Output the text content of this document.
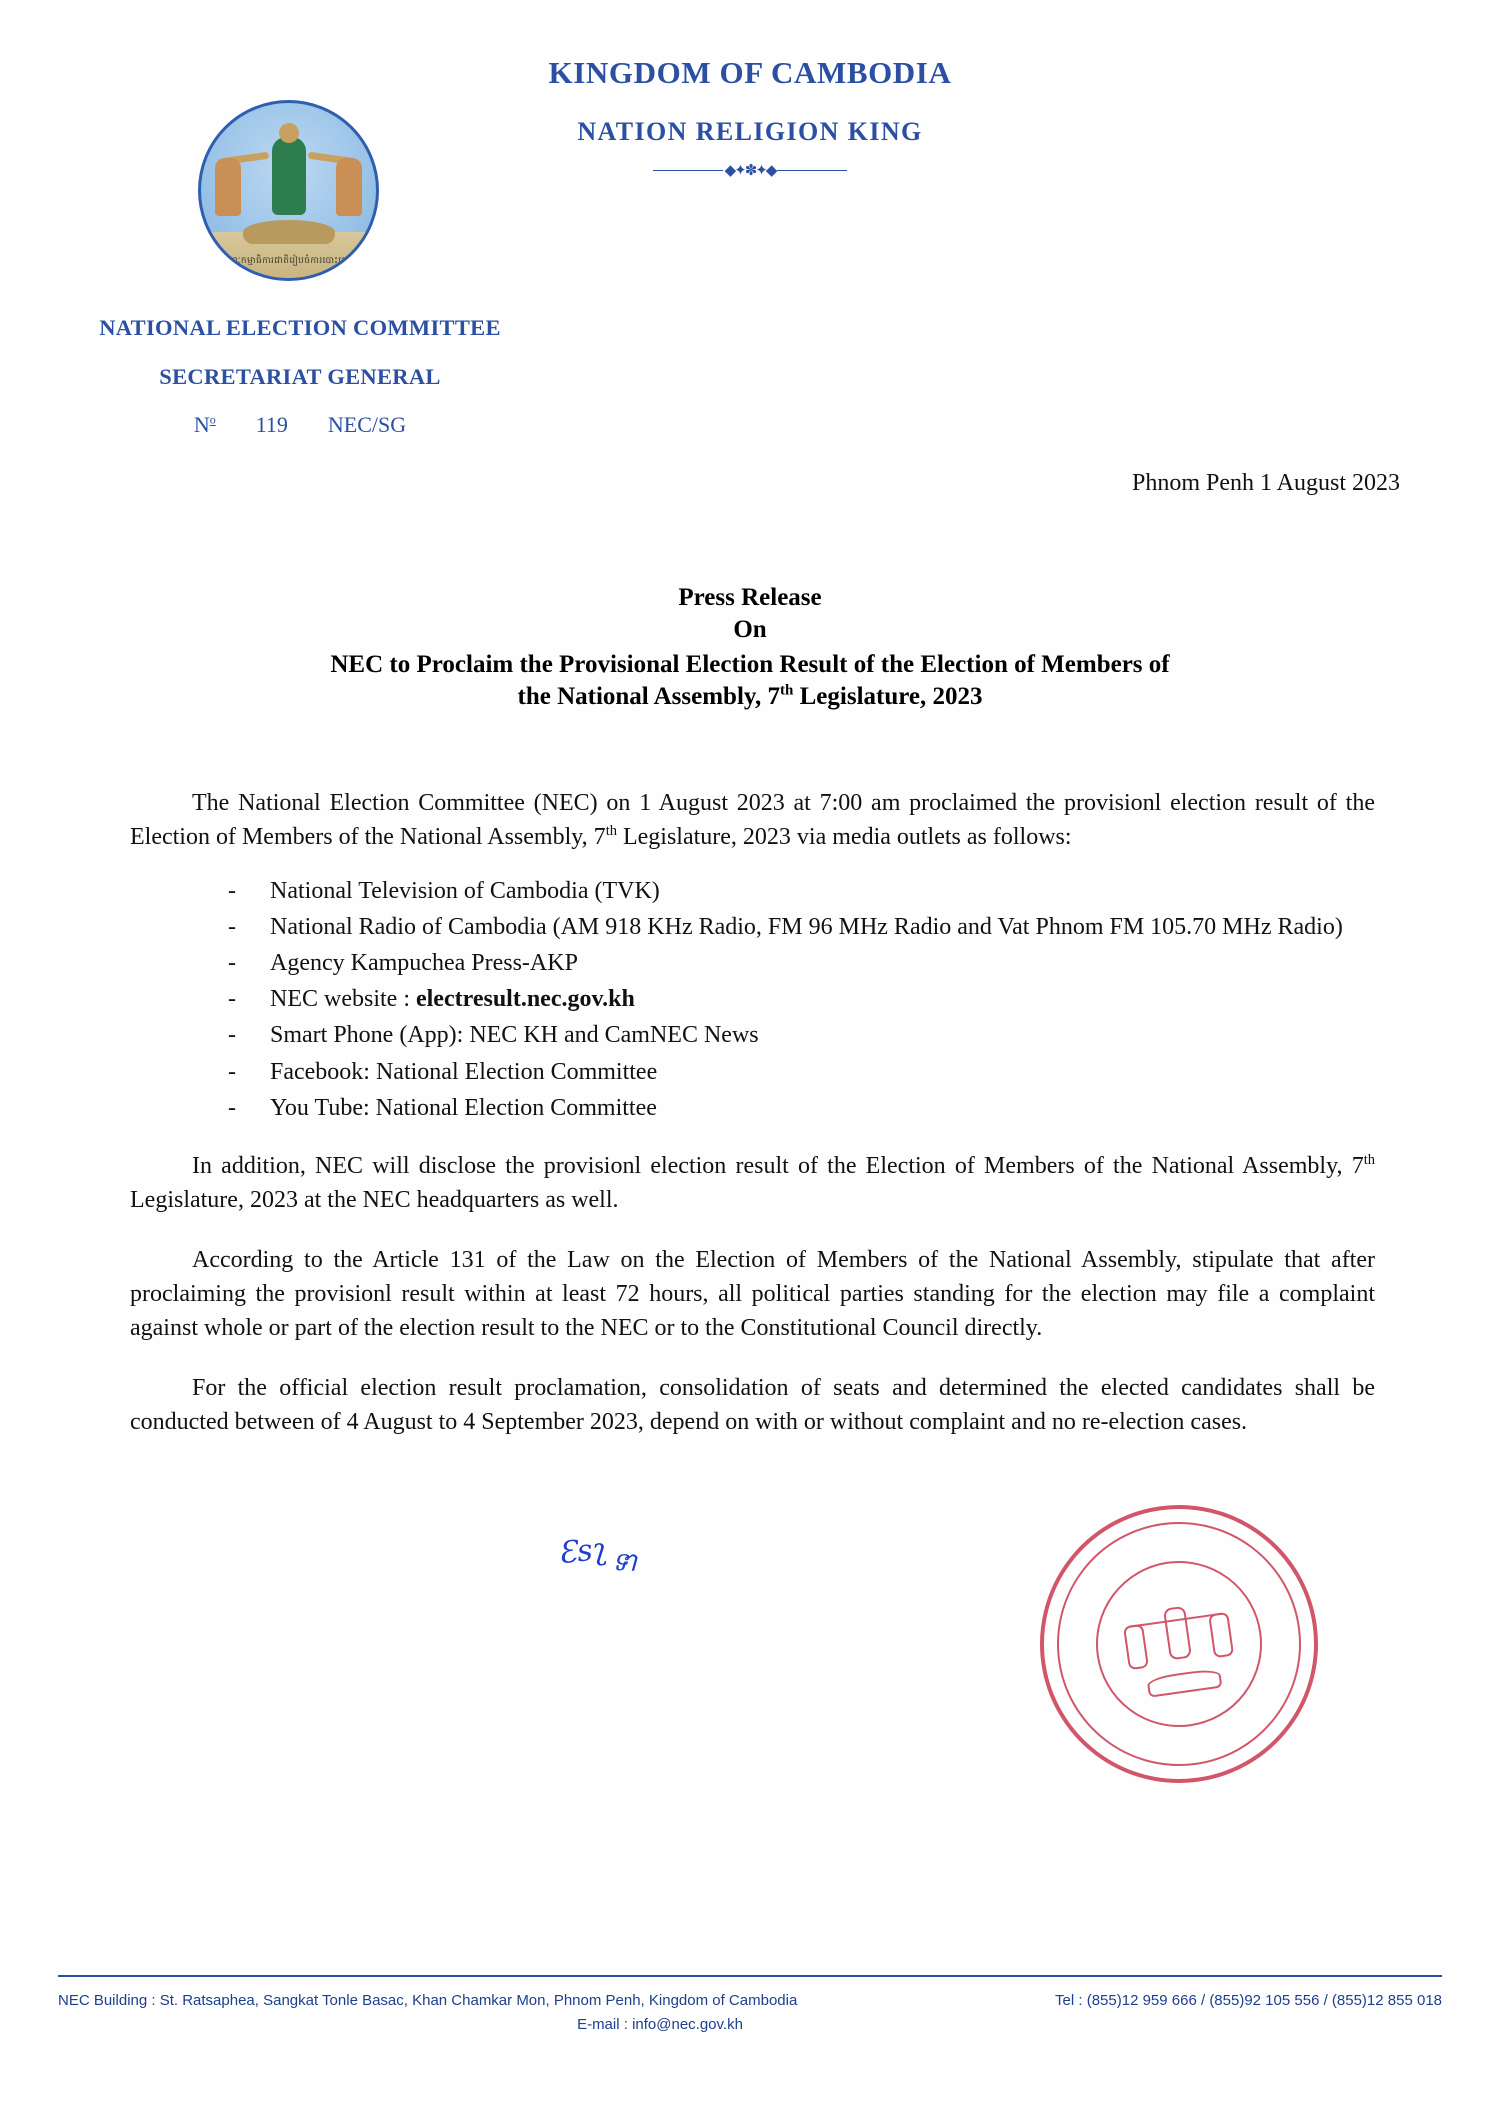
KINGDOM OF CAMBODIA
NATION RELIGION KING
◆✦✽✦◆
គណៈកម្មាធិការជាតិរៀបចំការបោះឆ្នោត
NATIONAL ELECTION COMMITTEE
SECRETARIAT GENERAL
$N^o$ 119 NEC/SG
Phnom Penh 1 August 2023
Press Release
On
NEC to Proclaim the Provisional Election Result of the Election of Members of
the National Assembly, 7th Legislature, 2023

The National Election Committee (NEC) on 1 August 2023 at 7:00 am proclaimed the provisionl election result of the Election of Members of the National Assembly, 7th Legislature, 2023 via media outlets as follows:

- National Television of Cambodia (TVK)
- National Radio of Cambodia (AM 918 KHz Radio, FM 96 MHz Radio and Vat Phnom FM 105.70 MHz Radio)
- Agency Kampuchea Press-AKP
- NEC website : electresult.nec.gov.kh
- Smart Phone (App): NEC KH and CamNEC News
- Facebook: National Election Committee
- You Tube: National Election Committee

In addition, NEC will disclose the provisionl election result of the Election of Members of the National Assembly, 7th Legislature, 2023 at the NEC headquarters as well.

According to the Article 131 of the Law on the Election of Members of the National Assembly, stipulate that after proclaiming the provisionl result within at least 72 hours, all political parties standing for the election may file a complaint against whole or part of the election result to the NEC or to the Constitutional Council directly.

For the official election result proclamation, consolidation of seats and determined the elected candidates shall be conducted between of 4 August to 4 September 2023, depend on with or without complaint and no re-election cases.

Ɛsʅ ទា
NEC Building : St. Ratsaphea, Sangkat Tonle Basac, Khan Chamkar Mon, Phnom Penh, Kingdom of Cambodia	Tel : (855)12 959 666 / (855)92 105 556 / (855)12 855 018
E-mail : info@nec.gov.kh
